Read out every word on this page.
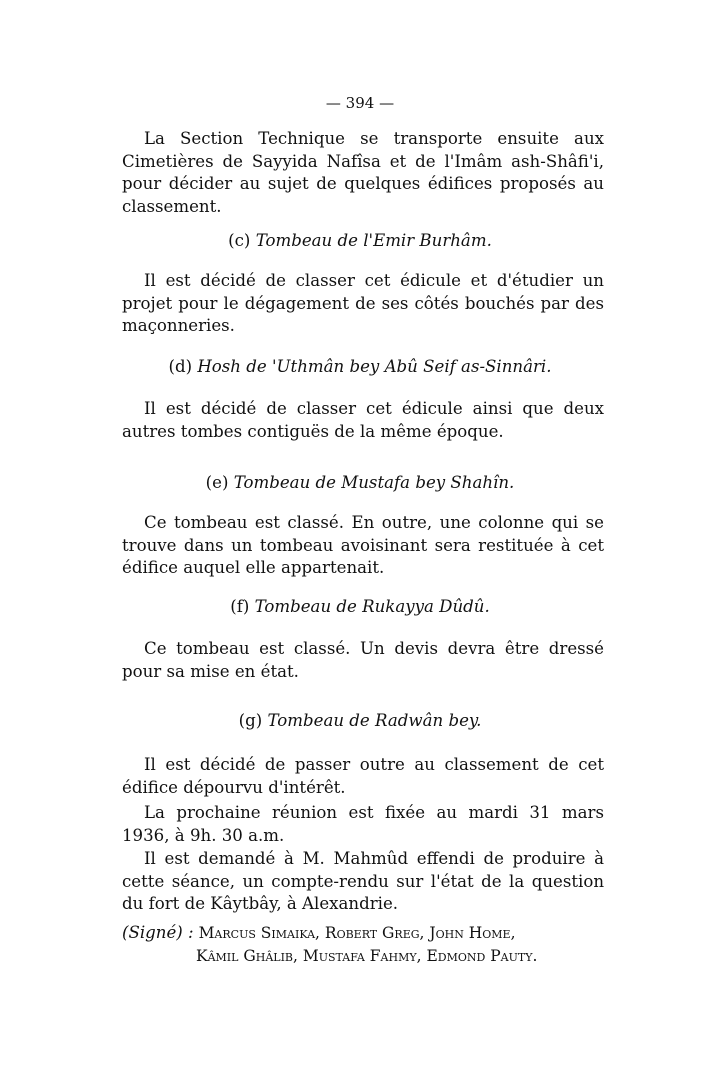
— 394 —

La Section Technique se transporte ensuite aux Cimetières de Sayyida Nafîsa et de l'Imâm ash-Shâfi'i, pour décider au sujet de quelques édifices proposés au classement.

(c) Tombeau de l'Emir Burhâm.

Il est décidé de classer cet édicule et d'étudier un projet pour le dégagement de ses côtés bouchés par des maçonneries.

(d) Hosh de 'Uthmân bey Abû Seif as-Sinnâri.

Il est décidé de classer cet édicule ainsi que deux autres tombes contiguës de la même époque.

(e) Tombeau de Mustafa bey Shahîn.

Ce tombeau est classé. En outre, une colonne qui se trouve dans un tombeau avoisinant sera restituée à cet édifice auquel elle appartenait.

(f) Tombeau de Rukayya Dûdû.

Ce tombeau est classé. Un devis devra être dressé pour sa mise en état.

(g) Tombeau de Radwân bey.

Il est décidé de passer outre au classement de cet édifice dépourvu d'intérêt.

La prochaine réunion est fixée au mardi 31 mars 1936, à 9h. 30 a.m.

Il est demandé à M. Mahmûd effendi de produire à cette séance, un compte-rendu sur l'état de la question du fort de Kâytbây, à Alexandrie.

(Signé) : Marcus Simaika, Robert Greg, John Home,
Kâmil Ghâlib, Mustafa Fahmy, Edmond Pauty.
